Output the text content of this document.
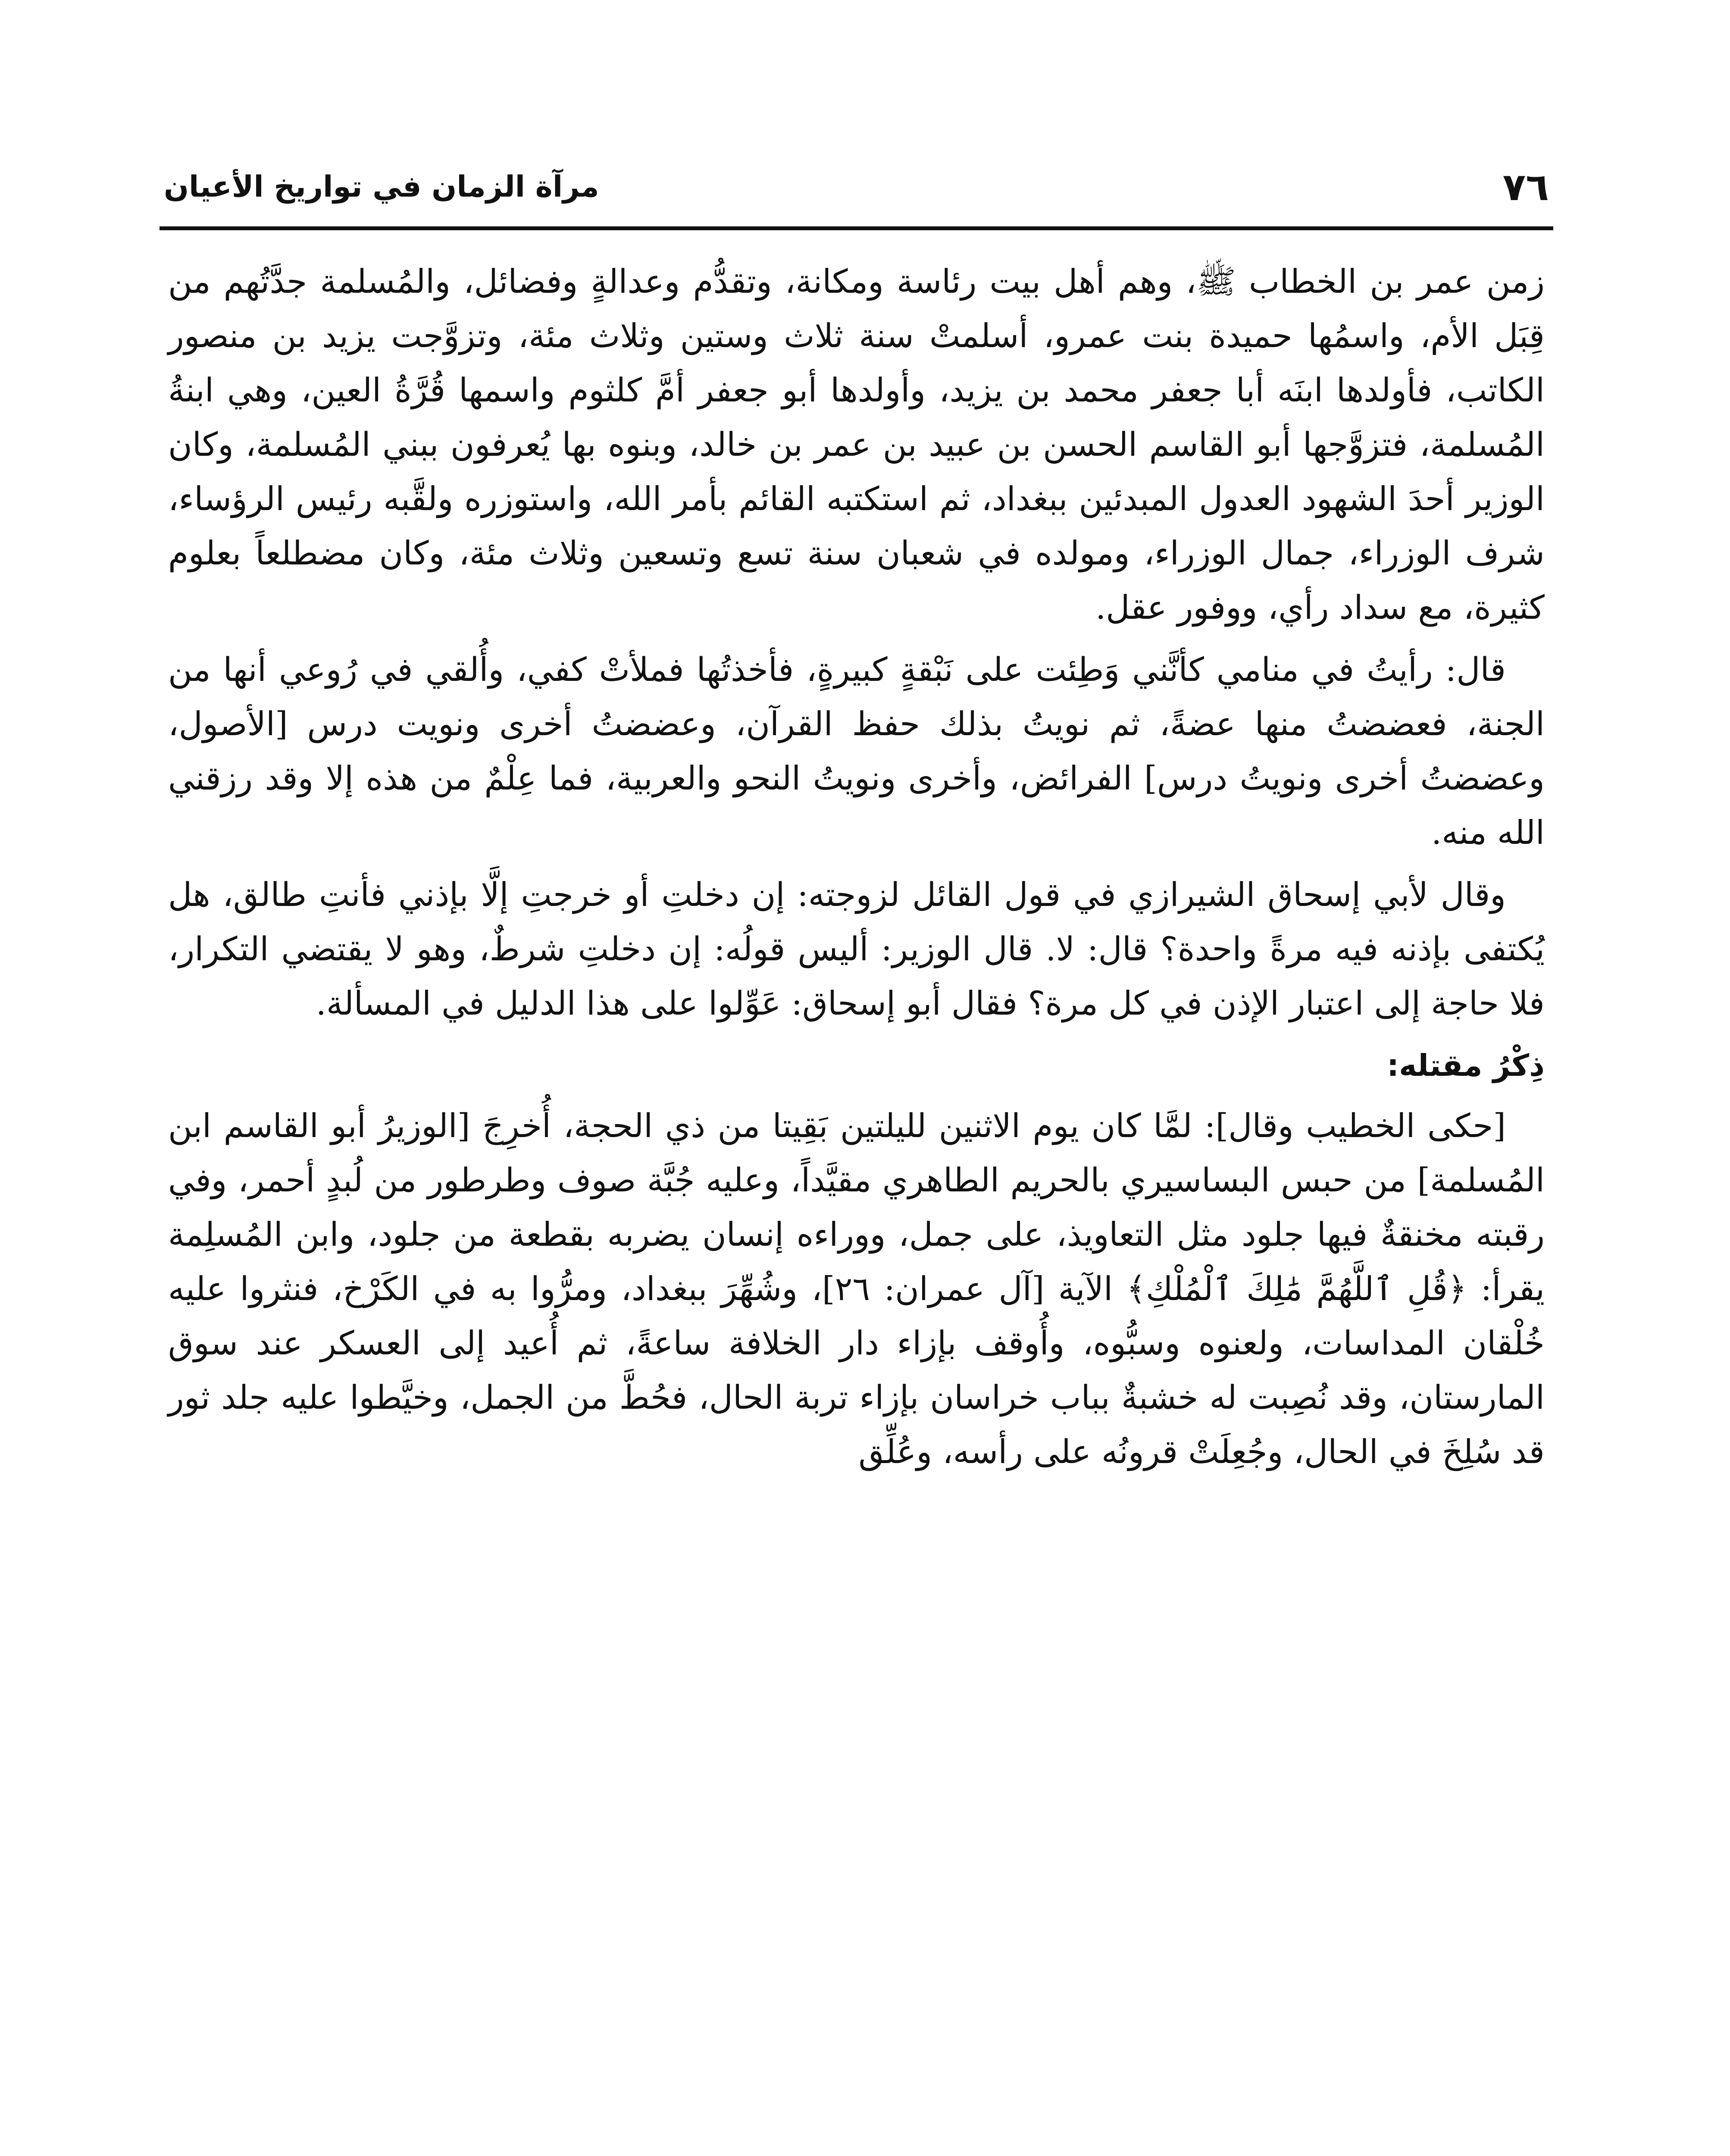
٧٦
مرآة الزمان في تواريخ الأعيان

زمن عمر بن الخطاب ﷺ، وهم أهل بيت رئاسة ومكانة، وتقدُّم وعدالةٍ وفضائل، والمُسلمة جدَّتُهم من قِبَل الأم، واسمُها حميدة بنت عمرو، أسلمتْ سنة ثلاث وستين وثلاث مئة، وتزوَّجت يزيد بن منصور الكاتب، فأولدها ابنَه أبا جعفر محمد بن يزيد، وأولدها أبو جعفر أمَّ كلثوم واسمها قُرَّةُ العين، وهي ابنةُ المُسلمة، فتزوَّجها أبو القاسم الحسن بن عبيد بن عمر بن خالد، وبنوه بها يُعرفون ببني المُسلمة، وكان الوزير أحدَ الشهود العدول المبدئين ببغداد، ثم استكتبه القائم بأمر الله، واستوزره ولقَّبه رئيس الرؤساء، شرف الوزراء، جمال الوزراء، ومولده في شعبان سنة تسع وتسعين وثلاث مئة، وكان مضطلعاً بعلوم كثيرة، مع سداد رأي، ووفور عقل.

قال: رأيتُ في منامي كأنَّني وَطِئت على نَبْقةٍ كبيرةٍ، فأخذتُها فملأتْ كفي، وأُلقي في رُوعي أنها من الجنة، فعضضتُ منها عضةً، ثم نويتُ بذلك حفظ القرآن، وعضضتُ أخرى ونويت درس [الأصول، وعضضتُ أخرى ونويتُ درس] الفرائض، وأخرى ونويتُ النحو والعربية، فما عِلْمٌ من هذه إلا وقد رزقني الله منه.

وقال لأبي إسحاق الشيرازي في قول القائل لزوجته: إن دخلتِ أو خرجتِ إلَّا بإذني فأنتِ طالق، هل يُكتفى بإذنه فيه مرةً واحدة؟ قال: لا. قال الوزير: أليس قولُه: إن دخلتِ شرطٌ، وهو لا يقتضي التكرار، فلا حاجة إلى اعتبار الإذن في كل مرة؟ فقال أبو إسحاق: عَوِّلوا على هذا الدليل في المسألة.

ذِكْرُ مقتله:

[حكى الخطيب وقال]: لمَّا كان يوم الاثنين لليلتين بَقِيتا من ذي الحجة، أُخرِجَ [الوزيرُ أبو القاسم ابن المُسلمة] من حبس البساسيري بالحريم الطاهري مقيَّداً، وعليه جُبَّة صوف وطرطور من لُبدٍ أحمر، وفي رقبته مخنقةٌ فيها جلود مثل التعاويذ، على جمل، ووراءه إنسان يضربه بقطعة من جلود، وابن المُسلِمة يقرأ: ﴿قُلِ ٱللَّهُمَّ مَٰلِكَ ٱلْمُلْكِ﴾ الآية [آل عمران: ٢٦]، وشُهِّرَ ببغداد، ومرُّوا به في الكَرْخ، فنثروا عليه خُلْقان المداسات، ولعنوه وسبُّوه، وأُوقف بإزاء دار الخلافة ساعةً، ثم أُعيد إلى العسكر عند سوق المارستان، وقد نُصِبت له خشبةٌ بباب خراسان بإزاء تربة الحال، فحُطَّ من الجمل، وخيَّطوا عليه جلد ثور قد سُلِخَ في الحال، وجُعِلَتْ قرونُه على رأسه، وعُلِّق
